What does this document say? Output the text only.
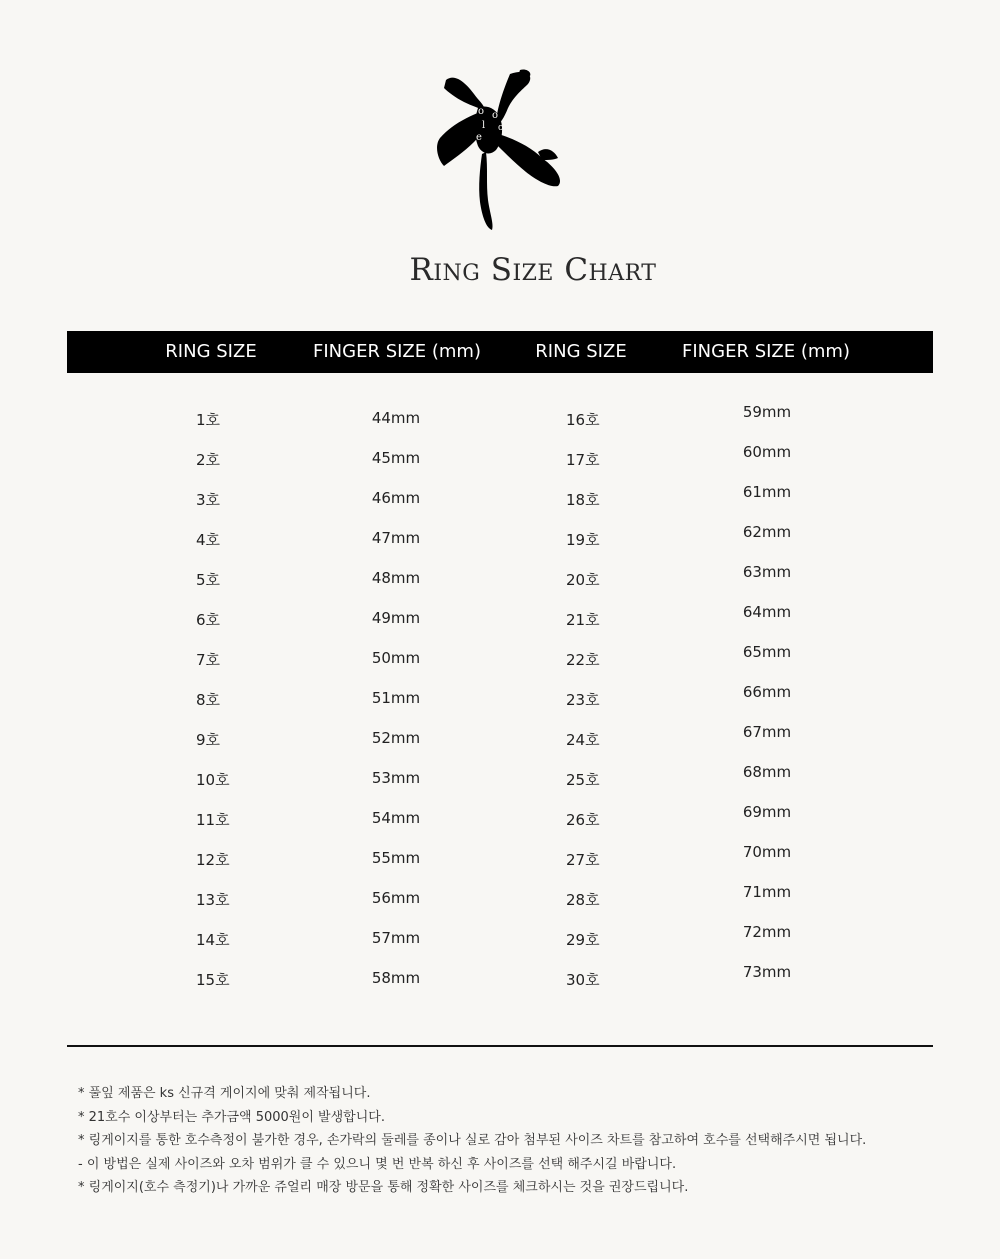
o
l
e
o
olea
Ring Size Chart
RING SIZE	FINGER SIZE (mm)	RING SIZE	FINGER SIZE (mm)
1호	44mm	16호	59mm
2호	45mm	17호	60mm
3호	46mm	18호	61mm
4호	47mm	19호	62mm
5호	48mm	20호	63mm
6호	49mm	21호	64mm
7호	50mm	22호	65mm
8호	51mm	23호	66mm
9호	52mm	24호	67mm
10호	53mm	25호	68mm
11호	54mm	26호	69mm
12호	55mm	27호	70mm
13호	56mm	28호	71mm
14호	57mm	29호	72mm
15호	58mm	30호	73mm
* 풀잎 제품은 ks 신규격 게이지에 맞춰 제작됩니다.
* 21호수 이상부터는 추가금액 5000원이 발생합니다.
* 링게이지를 통한 호수측정이 불가한 경우, 손가락의 둘레를 종이나 실로 감아 첨부된 사이즈 차트를 참고하여 호수를 선택해주시면 됩니다.
- 이 방법은 실제 사이즈와 오차 범위가 클 수 있으니 몇 번 반복 하신 후 사이즈를 선택 해주시길 바랍니다.
* 링게이지(호수 측정기)나 가까운 쥬얼리 매장 방문을 통해 정확한 사이즈를 체크하시는 것을 권장드립니다.
